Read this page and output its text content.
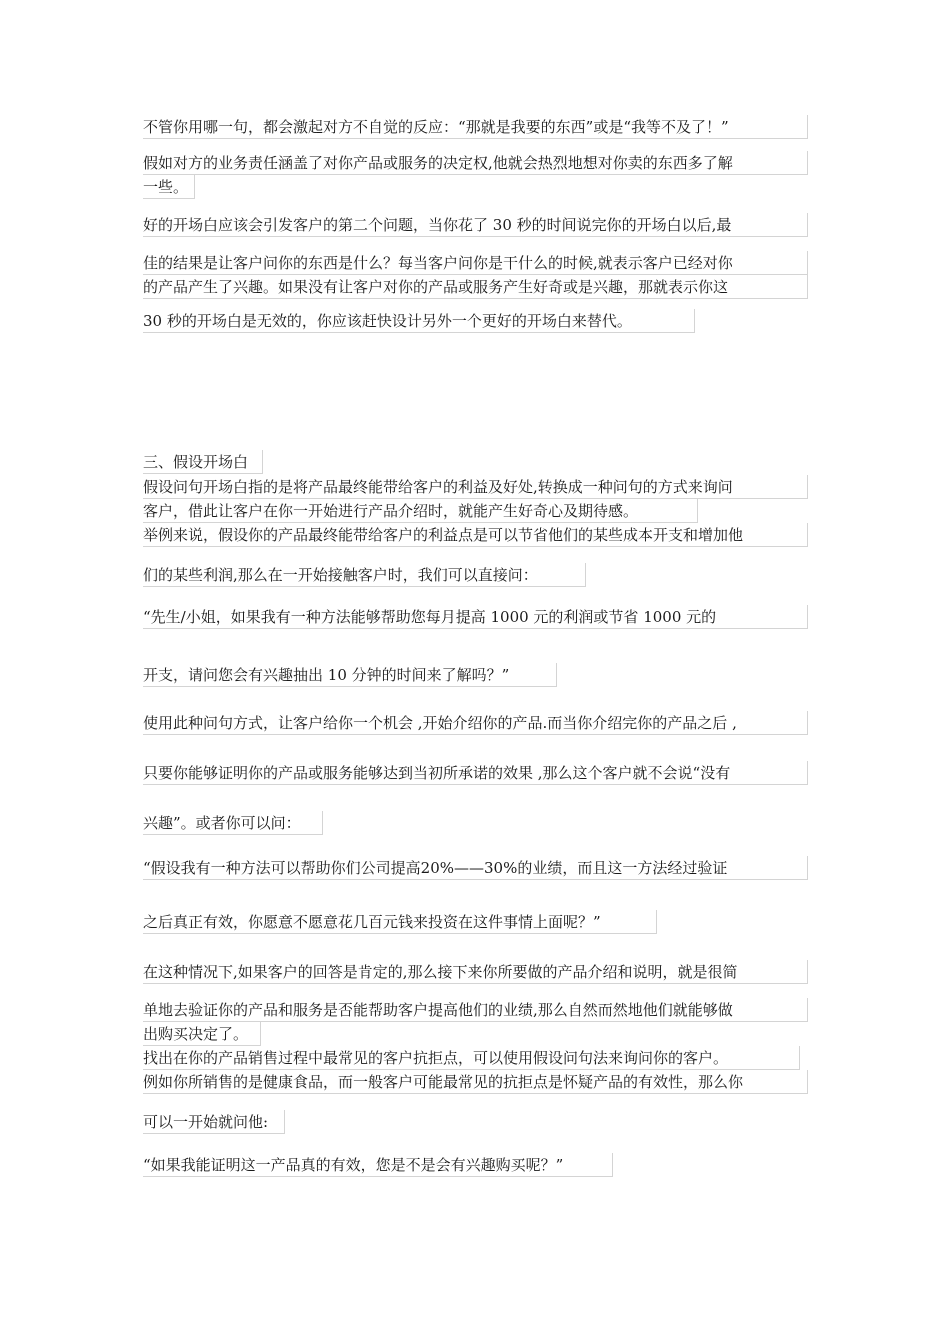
不管你用哪一句，都会激起对方不自觉的反应：“那就是我要的东西”或是“我等不及了！”
假如对方的业务责任涵盖了对你产品或服务的决定权,他就会热烈地想对你卖的东西多了解
一些。
好的开场白应该会引发客户的第二个问题，当你花了 30 秒的时间说完你的开场白以后,最
佳的结果是让客户问你的东西是什么？每当客户问你是干什么的时候,就表示客户已经对你
的产品产生了兴趣。如果没有让客户对你的产品或服务产生好奇或是兴趣，那就表示你这
30 秒的开场白是无效的，你应该赶快设计另外一个更好的开场白来替代。
三、假设开场白
假设问句开场白指的是将产品最终能带给客户的利益及好处,转换成一种问句的方式来询问
客户，借此让客户在你一开始进行产品介绍时，就能产生好奇心及期待感。
举例来说，假设你的产品最终能带给客户的利益点是可以节省他们的某些成本开支和增加他
们的某些利润,那么在一开始接触客户时，我们可以直接问：
“先生/小姐，如果我有一种方法能够帮助您每月提高 1000 元的利润或节省 1000 元的
开支，请问您会有兴趣抽出 10 分钟的时间来了解吗？”
使用此种问句方式，让客户给你一个机会 ,开始介绍你的产品.而当你介绍完你的产品之后 ,
只要你能够证明你的产品或服务能够达到当初所承诺的效果 ,那么这个客户就不会说“没有
兴趣”。或者你可以问：
“假设我有一种方法可以帮助你们公司提高20%——30%的业绩，而且这一方法经过验证
之后真正有效，你愿意不愿意花几百元钱来投资在这件事情上面呢？”
在这种情况下,如果客户的回答是肯定的,那么接下来你所要做的产品介绍和说明，就是很简
单地去验证你的产品和服务是否能帮助客户提高他们的业绩,那么自然而然地他们就能够做
出购买决定了。
找出在你的产品销售过程中最常见的客户抗拒点，可以使用假设问句法来询问你的客户。
例如你所销售的是健康食品，而一般客户可能最常见的抗拒点是怀疑产品的有效性，那么你
可以一开始就问他:
“如果我能证明这一产品真的有效，您是不是会有兴趣购买呢？”
